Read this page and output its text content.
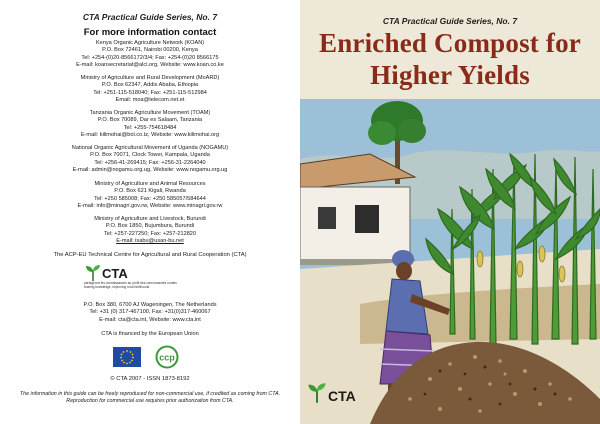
CTA Practical Guide Series, No. 7
For more information contact
Kenya Organic Agriculture Network (KOAN)
P.O. Box 72461, Nairobi 00200, Kenya
Tel: +254-(0)20-8566172/3/4; Fax: +254-(0)20 8566175
E-mail: koansecretariat@alci.org, Website: www.koan.co.ke
Ministry of Agriculture and Rural Development (MoARD)
P.O. Box 62347, Addis Ababa, Ethiopia
Tel: +251-115-518040; Fax: +251-115-512984
Email: moa@telecom.net.et
Tanzania Organic Agriculture Movement (TOAM)
P.O. Box 70089, Dar es Salaam, Tanzania
Tel: +255-754618484
E-mail: kilimohai@bol.co.tz, Website: www.kilimohai.org
National Organic Agricultural Movement of Uganda (NOGAMU)
P.O. Box 70071, Clock Tower, Kampala, Uganda
Tel: +256-41-269415; Fax: +256-31-2264040
E-mail: admin@nogamu.org.ug, Website: www.nogamu.org.ug
Ministry of Agriculture and Animal Resources
P.O. Box 621 Kigali, Rwanda
Tel: +250 585008; Fax: +250 585057/584644
E-mail: info@minagri.gov.rw, Website: www.minagri.gov.rw
Ministry of Agriculture and Livestock, Burundi
P.O. Box 1850, Bujumbura, Burundi
Tel: +257-227250; Fax: +257-212820
E-mail: isabu@usan-bu.net
The ACP-EU Technical Centre for Agricultural and Rural Cooperation (CTA)
CTA
partageons les connaissances au profit des communautés rurales
sharing knowledge, improving rural livelihoods
P.O. Box 380, 6700 AJ Wageningen, The Netherlands
Tel: +31 (0) 317-467100, Fax: +31(0)317-460067
E-mail: cta@cta.int, Website: www.cta.int
CTA is financed by the European Union
ccp
© CTA 2007 - ISSN 1873-8192
The information in this guide can be freely reproduced for non-commercial use, if credited as coming from CTA.
Reproduction for commercial use requires prior authorization from CTA.
CTA Practical Guide Series, No. 7
Enriched Compost for
Higher Yields
CTA
